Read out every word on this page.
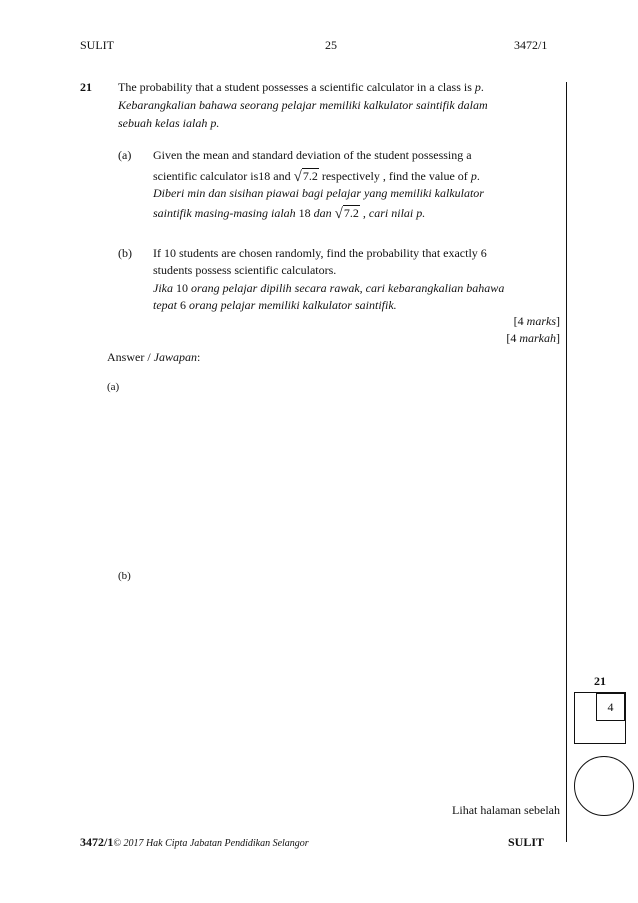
SULIT	25	3472/1
21 The probability that a student possesses a scientific calculator in a class is p.
Kebarangkalian bahawa seorang pelajar memiliki kalkulator saintifik dalam
sebuah kelas ialah p.
(a) Given the mean and standard deviation of the student possessing a
scientific calculator is18 and √7.2 respectively , find the value of p.
Diberi min dan sisihan piawai bagi pelajar yang memiliki kalkulator
saintifik masing-masing ialah 18 dan √7.2 , cari nilai p.
(b) If 10 students are chosen randomly, find the probability that exactly 6
students possess scientific calculators.
Jika 10 orang pelajar dipilih secara rawak, cari kebarangkalian bahawa
tepat 6 orang pelajar memiliki kalkulator saintifik.
[4 marks]
[4 markah]
Answer / Jawapan:
(a)
(b)
21
4
Lihat halaman sebelah
3472/1© 2017 Hak Cipta Jabatan Pendidikan Selangor	SULIT
